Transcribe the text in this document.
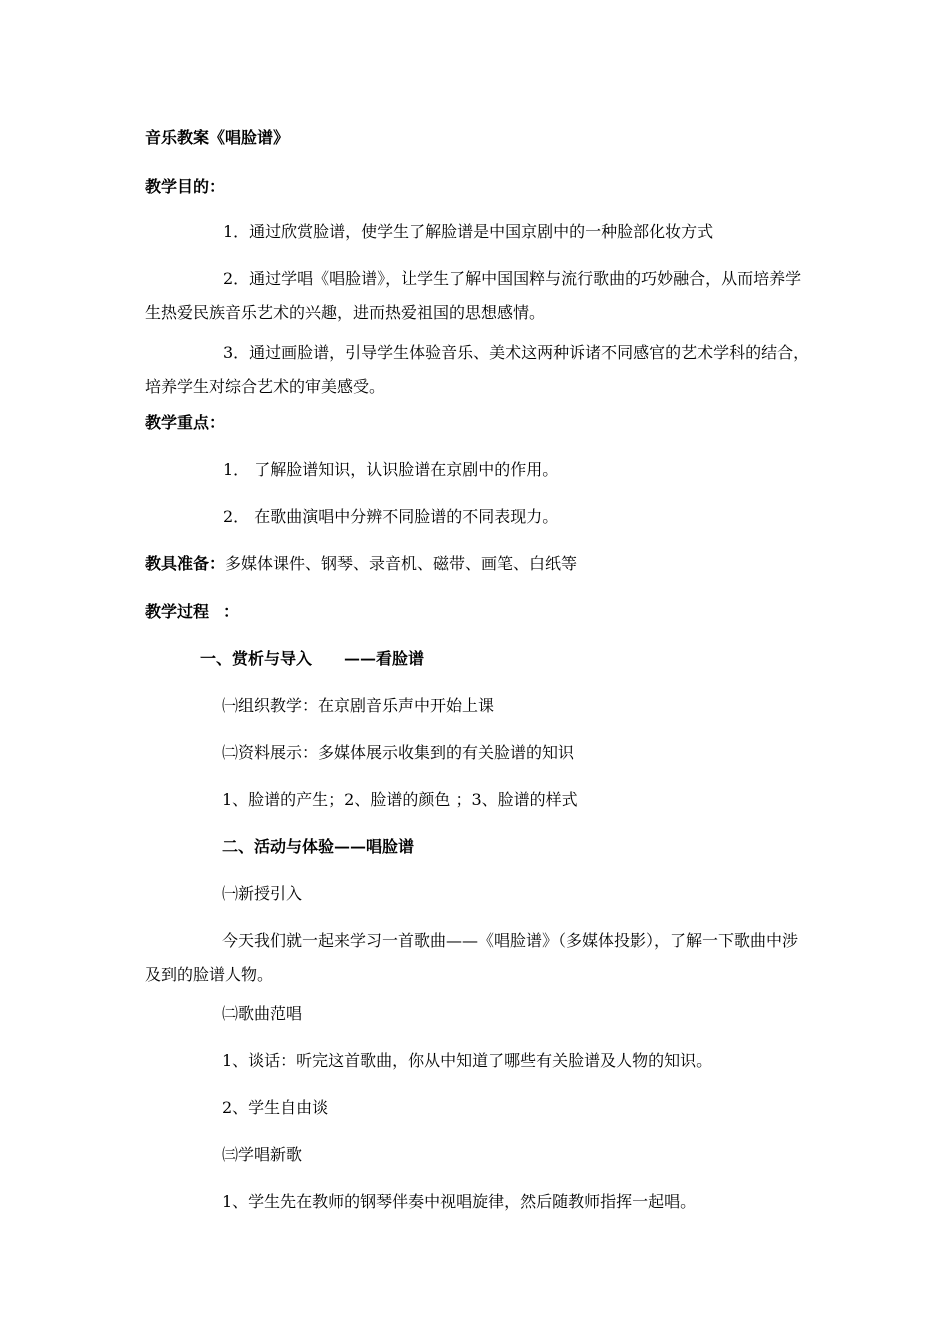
音乐教案《唱脸谱》
教学目的：
1．通过欣赏脸谱，使学生了解脸谱是中国京剧中的一种脸部化妆方式
2．通过学唱《唱脸谱》，让学生了解中国国粹与流行歌曲的巧妙融合，从而培养学生热爱民族音乐艺术的兴趣，进而热爱祖国的思想感情。
3．通过画脸谱，引导学生体验音乐、美术这两种诉诸不同感官的艺术学科的结合，培养学生对综合艺术的审美感受。
教学重点：
1． 了解脸谱知识，认识脸谱在京剧中的作用。
2． 在歌曲演唱中分辨不同脸谱的不同表现力。
教具准备：多媒体课件、钢琴、录音机、磁带、画笔、白纸等
教学过程 ：
一、赏析与导入 ——看脸谱
㈠组织教学：在京剧音乐声中开始上课
㈡资料展示：多媒体展示收集到的有关脸谱的知识
1、脸谱的产生；2、脸谱的颜色 ；3、脸谱的样式
二、活动与体验——唱脸谱
㈠新授引入
今天我们就一起来学习一首歌曲——《唱脸谱》（多媒体投影），了解一下歌曲中涉及到的脸谱人物。
㈡歌曲范唱
1、谈话：听完这首歌曲，你从中知道了哪些有关脸谱及人物的知识。
2、学生自由谈
㈢学唱新歌
1、学生先在教师的钢琴伴奏中视唱旋律，然后随教师指挥一起唱。
